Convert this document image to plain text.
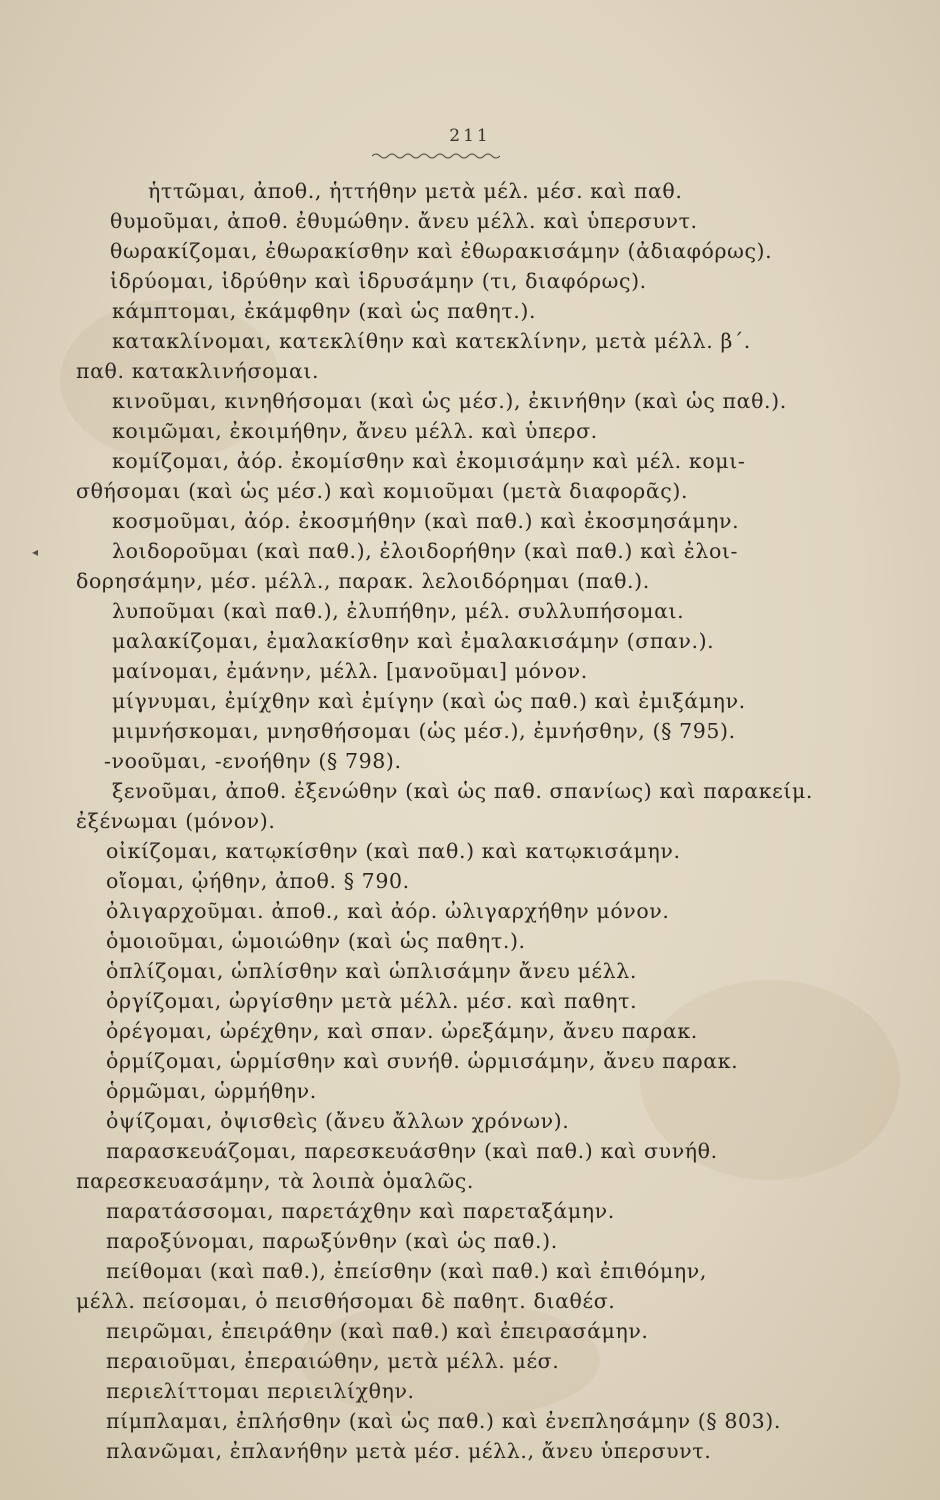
211
◂
ἡττῶμαι, ἀποθ., ἡττήθην μετὰ μέλ. μέσ. καὶ παθ.
θυμοῦμαι, ἀποθ. ἐθυμώθην. ἄνευ μέλλ. καὶ ὑπερσυντ.
θωρακίζομαι, ἐθωρακίσθην καὶ ἐθωρακισάμην (ἀδιαφόρως).
ἱδρύομαι, ἱδρύθην καὶ ἱδρυσάμην (τι, διαφόρως).
κάμπτομαι, ἐκάμφθην (καὶ ὡς παθητ.).
κατακλίνομαι, κατεκλίθην καὶ κατεκλίνην, μετὰ μέλλ. β΄.
παθ. κατακλινήσομαι.
κινοῦμαι, κινηθήσομαι (καὶ ὡς μέσ.), ἐκινήθην (καὶ ὡς παθ.).
κοιμῶμαι, ἐκοιμήθην, ἄνευ μέλλ. καὶ ὑπερσ.
κομίζομαι, ἀόρ. ἐκομίσθην καὶ ἐκομισάμην καὶ μέλ. κομι-
σθήσομαι (καὶ ὡς μέσ.) καὶ κομιοῦμαι (μετὰ διαφορᾶς).
κοσμοῦμαι, ἀόρ. ἐκοσμήθην (καὶ παθ.) καὶ ἐκοσμησάμην.
λοιδοροῦμαι (καὶ παθ.), ἐλοιδορήθην (καὶ παθ.) καὶ ἐλοι-
δορησάμην, μέσ. μέλλ., παρακ. λελοιδόρημαι (παθ.).
λυποῦμαι (καὶ παθ.), ἐλυπήθην, μέλ. συλλυπήσομαι.
μαλακίζομαι, ἐμαλακίσθην καὶ ἐμαλακισάμην (σπαν.).
μαίνομαι, ἐμάνην, μέλλ. [μανοῦμαι] μόνον.
μίγνυμαι, ἐμίχθην καὶ ἐμίγην (καὶ ὡς παθ.) καὶ ἐμιξάμην.
μιμνήσκομαι, μνησθήσομαι (ὡς μέσ.), ἐμνήσθην, (§ 795).
-νοοῦμαι, -ενοήθην (§ 798).
ξενοῦμαι, ἀποθ. ἐξενώθην (καὶ ὡς παθ. σπανίως) καὶ παρακείμ.
ἐξένωμαι (μόνον).
οἰκίζομαι, κατῳκίσθην (καὶ παθ.) καὶ κατῳκισάμην.
οἴομαι, ᾠήθην, ἀποθ. § 790.
ὀλιγαρχοῦμαι. ἀποθ., καὶ ἀόρ. ὠλιγαρχήθην μόνον.
ὁμοιοῦμαι, ὡμοιώθην (καὶ ὡς παθητ.).
ὁπλίζομαι, ὡπλίσθην καὶ ὡπλισάμην ἄνευ μέλλ.
ὀργίζομαι, ὠργίσθην μετὰ μέλλ. μέσ. καὶ παθητ.
ὀρέγομαι, ὠρέχθην, καὶ σπαν. ὠρεξάμην, ἄνευ παρακ.
ὁρμίζομαι, ὡρμίσθην καὶ συνήθ. ὡρμισάμην, ἄνευ παρακ.
ὁρμῶμαι, ὡρμήθην.
ὀψίζομαι, ὀψισθεὶς (ἄνευ ἄλλων χρόνων).
παρασκευάζομαι, παρεσκευάσθην (καὶ παθ.) καὶ συνήθ.
παρεσκευασάμην, τὰ λοιπὰ ὁμαλῶς.
παρατάσσομαι, παρετάχθην καὶ παρεταξάμην.
παροξύνομαι, παρωξύνθην (καὶ ὡς παθ.).
πείθομαι (καὶ παθ.), ἐπείσθην (καὶ παθ.) καὶ ἐπιθόμην,
μέλλ. πείσομαι, ὁ πεισθήσομαι δὲ παθητ. διαθέσ.
πειρῶμαι, ἐπειράθην (καὶ παθ.) καὶ ἐπειρασάμην.
περαιοῦμαι, ἐπεραιώθην, μετὰ μέλλ. μέσ.
περιελίττομαι περιειλίχθην.
πίμπλαμαι, ἐπλήσθην (καὶ ὡς παθ.) καὶ ἐνεπλησάμην (§ 803).
πλανῶμαι, ἐπλανήθην μετὰ μέσ. μέλλ., ἄνευ ὑπερσυντ.
